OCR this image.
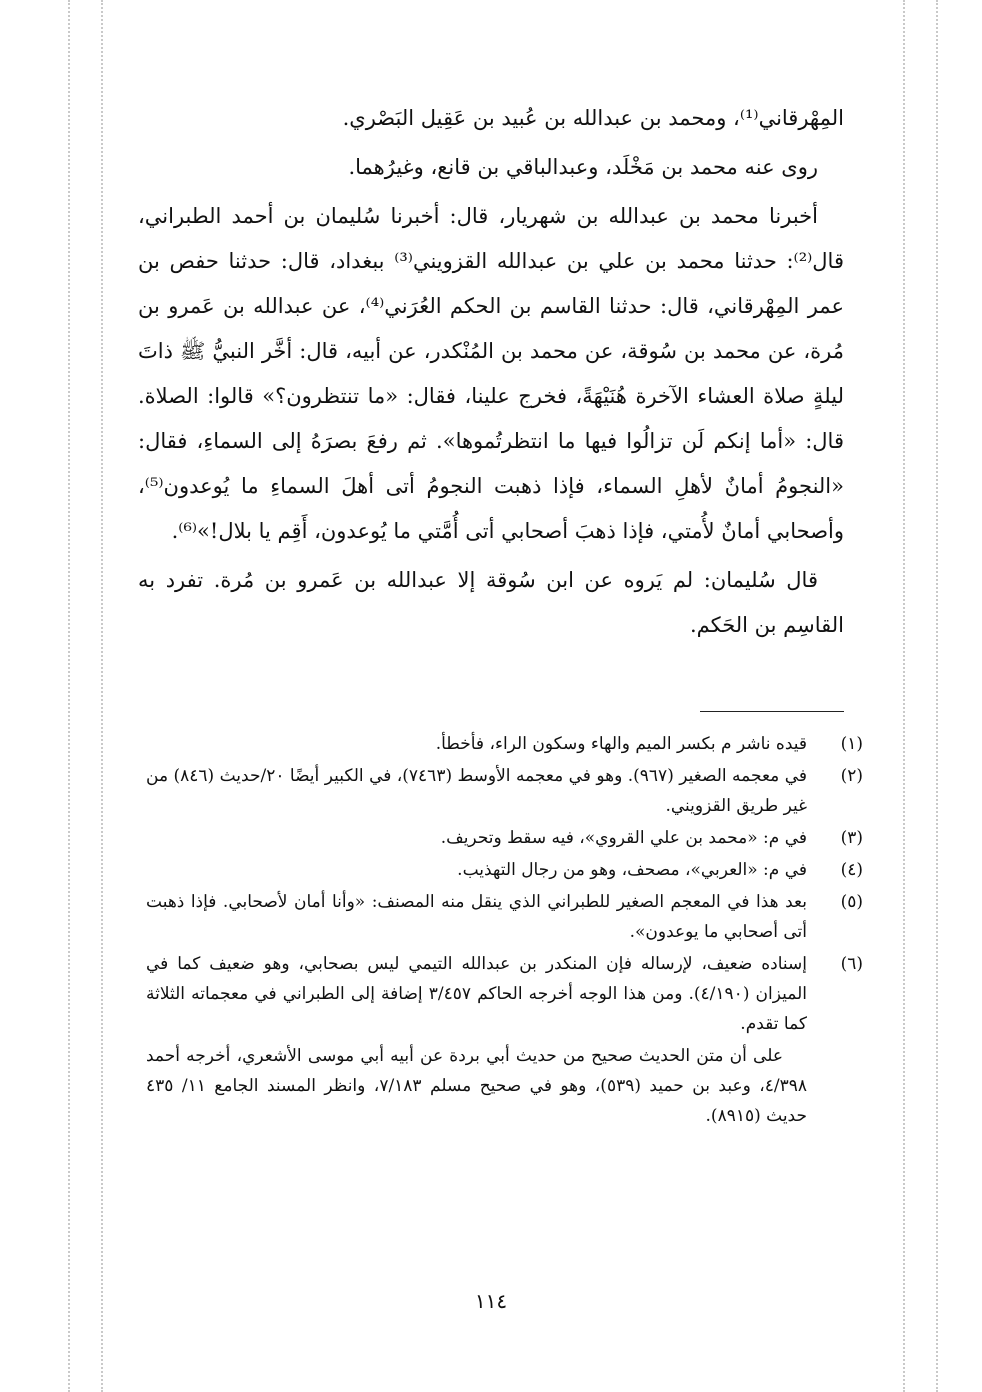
المِهْرقاني⁽¹⁾، ومحمد بن عبدالله بن عُبيد بن عَقِيل البَصْري.

روى عنه محمد بن مَخْلَد، وعبدالباقي بن قانع، وغيرُهما.

أخبرنا محمد بن عبدالله بن شهريار، قال: أخبرنا سُليمان بن أحمد الطبراني، قال⁽²⁾: حدثنا محمد بن علي بن عبدالله القزويني⁽³⁾ ببغداد، قال: حدثنا حفص بن عمر المِهْرقاني، قال: حدثنا القاسم بن الحكم العُرَني⁽⁴⁾، عن عبدالله بن عَمرو بن مُرة، عن محمد بن سُوقة، عن محمد بن المُنْكدر، عن أبيه، قال: أخَّر النبيُّ ﷺ ذاتَ ليلةٍ صلاة العشاء الآخرة هُنَيْهَةً، فخرج علينا، فقال: «ما تنتظرون؟» قالوا: الصلاة. قال: «أما إنكم لَن تزالُوا فيها ما انتظرتُموها». ثم رفعَ بصرَهُ إلى السماءِ، فقال: «النجومُ أمانٌ لأهلِ السماء، فإذا ذهبت النجومُ أتى أهلَ السماءِ ما يُوعدون⁽⁵⁾، وأصحابي أمانٌ لأُمتي، فإذا ذهبَ أصحابي أتى أُمَّتي ما يُوعدون، أَقِم يا بلال!»⁽⁶⁾.

قال سُليمان: لم يَروه عن ابن سُوقة إلا عبدالله بن عَمرو بن مُرة. تفرد به القاسِم بن الحَكم.

(١)
قيده ناشر م بكسر الميم والهاء وسكون الراء، فأخطأ.
(٢)
في معجمه الصغير (٩٦٧). وهو في معجمه الأوسط (٧٤٦٣)، في الكبير أيضًا ٢٠/حديث (٨٤٦) من غير طريق القزويني.
(٣)
في م: «محمد بن علي القروي»، فيه سقط وتحريف.
(٤)
في م: «العربي»، مصحف، وهو من رجال التهذيب.
(٥)
بعد هذا في المعجم الصغير للطبراني الذي ينقل منه المصنف: «وأنا أمان لأصحابي. فإذا ذهبت أتى أصحابي ما يوعدون».
(٦)
إسناده ضعيف، لإرساله فإن المنكدر بن عبدالله التيمي ليس بصحابي، وهو ضعيف كما في الميزان (٤/١٩٠). ومن هذا الوجه أخرجه الحاكم ٣/٤٥٧ إضافة إلى الطبراني في معجماته الثلاثة كما تقدم.
على أن متن الحديث صحيح من حديث أبي بردة عن أبيه أبي موسى الأشعري، أخرجه أحمد ٤/٣٩٨، وعبد بن حميد (٥٣٩)، وهو في صحيح مسلم ٧/١٨٣، وانظر المسند الجامع ١١/ ٤٣٥ حديث (٨٩١٥).
١١٤
